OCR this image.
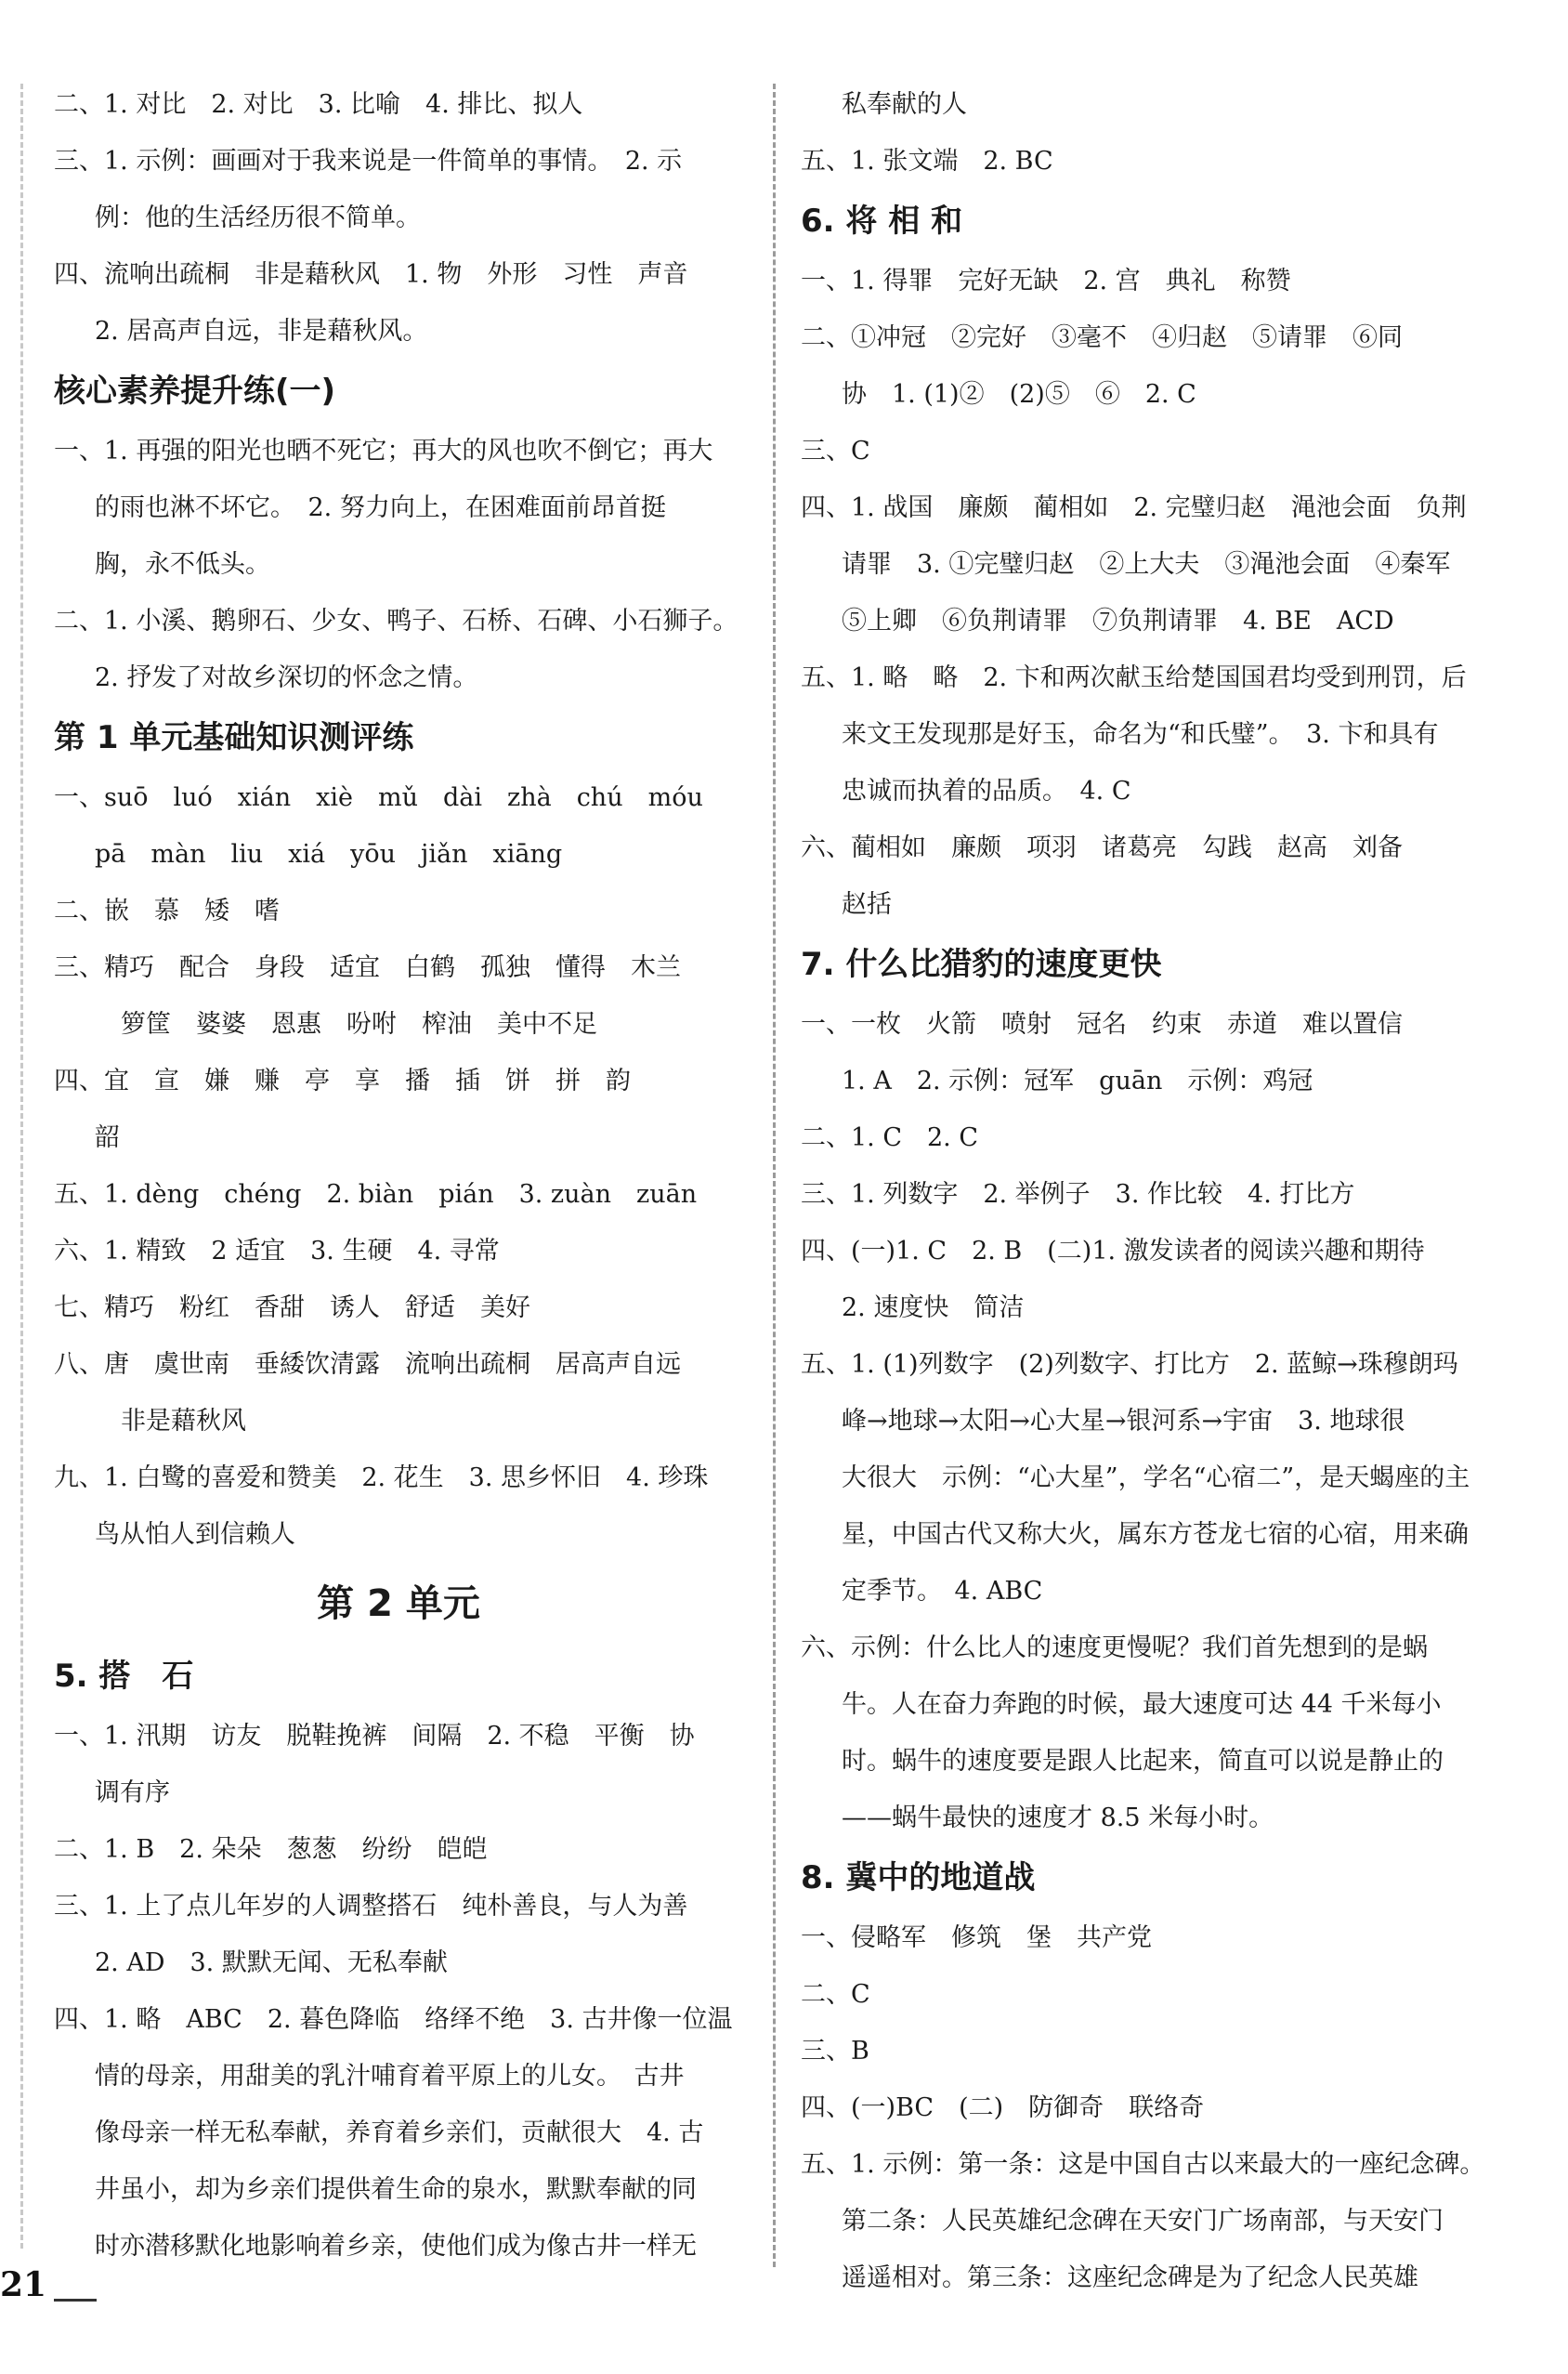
二、1. 对比　2. 对比　3. 比喻　4. 排比、拟人
三、1. 示例：画画对于我来说是一件简单的事情。　2. 示
例：他的生活经历很不简单。
四、流响出疏桐　非是藉秋风　1. 物　外形　习性　声音
2. 居高声自远，非是藉秋风。
核心素养提升练(一)
一、1. 再强的阳光也晒不死它；再大的风也吹不倒它；再大
的雨也淋不坏它。　2. 努力向上，在困难面前昂首挺
胸，永不低头。
二、1. 小溪、鹅卵石、少女、鸭子、石桥、石碑、小石狮子。
2. 抒发了对故乡深切的怀念之情。
第 1 单元基础知识测评练
一、suō　luó　xián　xiè　mǔ　dài　zhà　chú　móu
pā　màn　liu　xiá　yōu　jiǎn　xiāng
二、嵌　慕　矮　嗜
三、精巧　配合　身段　适宜　白鹤　孤独　懂得　木兰
箩筐　婆婆　恩惠　吩咐　榨油　美中不足
四、宜　宣　嫌　赚　亭　享　播　插　饼　拼　韵
韶
五、1. dèng　chéng　2. biàn　pián　3. zuàn　zuān
六、1. 精致　2 适宜　3. 生硬　4. 寻常
七、精巧　粉红　香甜　诱人　舒适　美好
八、唐　虞世南　垂緌饮清露　流响出疏桐　居高声自远
非是藉秋风
九、1. 白鹭的喜爱和赞美　2. 花生　3. 思乡怀旧　4. 珍珠
鸟从怕人到信赖人
第 2 单元
5. 搭　石
一、1. 汛期　访友　脱鞋挽裤　间隔　2. 不稳　平衡　协
调有序
二、1. B　2. 朵朵　葱葱　纷纷　皑皑
三、1. 上了点儿年岁的人调整搭石　纯朴善良，与人为善
2. AD　3. 默默无闻、无私奉献
四、1. 略　ABC　2. 暮色降临　络绎不绝　3. 古井像一位温
情的母亲，用甜美的乳汁哺育着平原上的儿女。　古井
像母亲一样无私奉献，养育着乡亲们，贡献很大　4. 古
井虽小，却为乡亲们提供着生命的泉水，默默奉献的同
时亦潜移默化地影响着乡亲，使他们成为像古井一样无
私奉献的人
五、1. 张文端　2. BC
6. 将 相 和
一、1. 得罪　完好无缺　2. 宫　典礼　称赞
二、①冲冠　②完好　③毫不　④归赵　⑤请罪　⑥同
协　1. (1)②　(2)⑤　⑥　2. C
三、C
四、1. 战国　廉颇　蔺相如　2. 完璧归赵　渑池会面　负荆
请罪　3. ①完璧归赵　②上大夫　③渑池会面　④秦军
⑤上卿　⑥负荆请罪　⑦负荆请罪　4. BE　ACD
五、1. 略　略　2. 卞和两次献玉给楚国国君均受到刑罚，后
来文王发现那是好玉，命名为“和氏璧”。　3. 卞和具有
忠诚而执着的品质。　4. C
六、蔺相如　廉颇　项羽　诸葛亮　勾践　赵高　刘备
赵括
7. 什么比猎豹的速度更快
一、一枚　火箭　喷射　冠名　约束　赤道　难以置信
1. A　2. 示例：冠军　guān　示例：鸡冠
二、1. C　2. C
三、1. 列数字　2. 举例子　3. 作比较　4. 打比方
四、(一)1. C　2. B　(二)1. 激发读者的阅读兴趣和期待
2. 速度快　简洁
五、1. (1)列数字　(2)列数字、打比方　2. 蓝鲸→珠穆朗玛
峰→地球→太阳→心大星→银河系→宇宙　3. 地球很
大很大　示例：“心大星”，学名“心宿二”，是天蝎座的主
星，中国古代又称大火，属东方苍龙七宿的心宿，用来确
定季节。　4. ABC
六、示例：什么比人的速度更慢呢？我们首先想到的是蜗
牛。人在奋力奔跑的时候，最大速度可达 44 千米每小
时。蜗牛的速度要是跟人比起来，简直可以说是静止的
——蜗牛最快的速度才 8.5 米每小时。
8. 冀中的地道战
一、侵略军　修筑　堡　共产党
二、C
三、B
四、(一)BC　(二)　防御奇　联络奇
五、1. 示例：第一条：这是中国自古以来最大的一座纪念碑。
第二条：人民英雄纪念碑在天安门广场南部，与天安门
遥遥相对。第三条：这座纪念碑是为了纪念人民英雄
21
